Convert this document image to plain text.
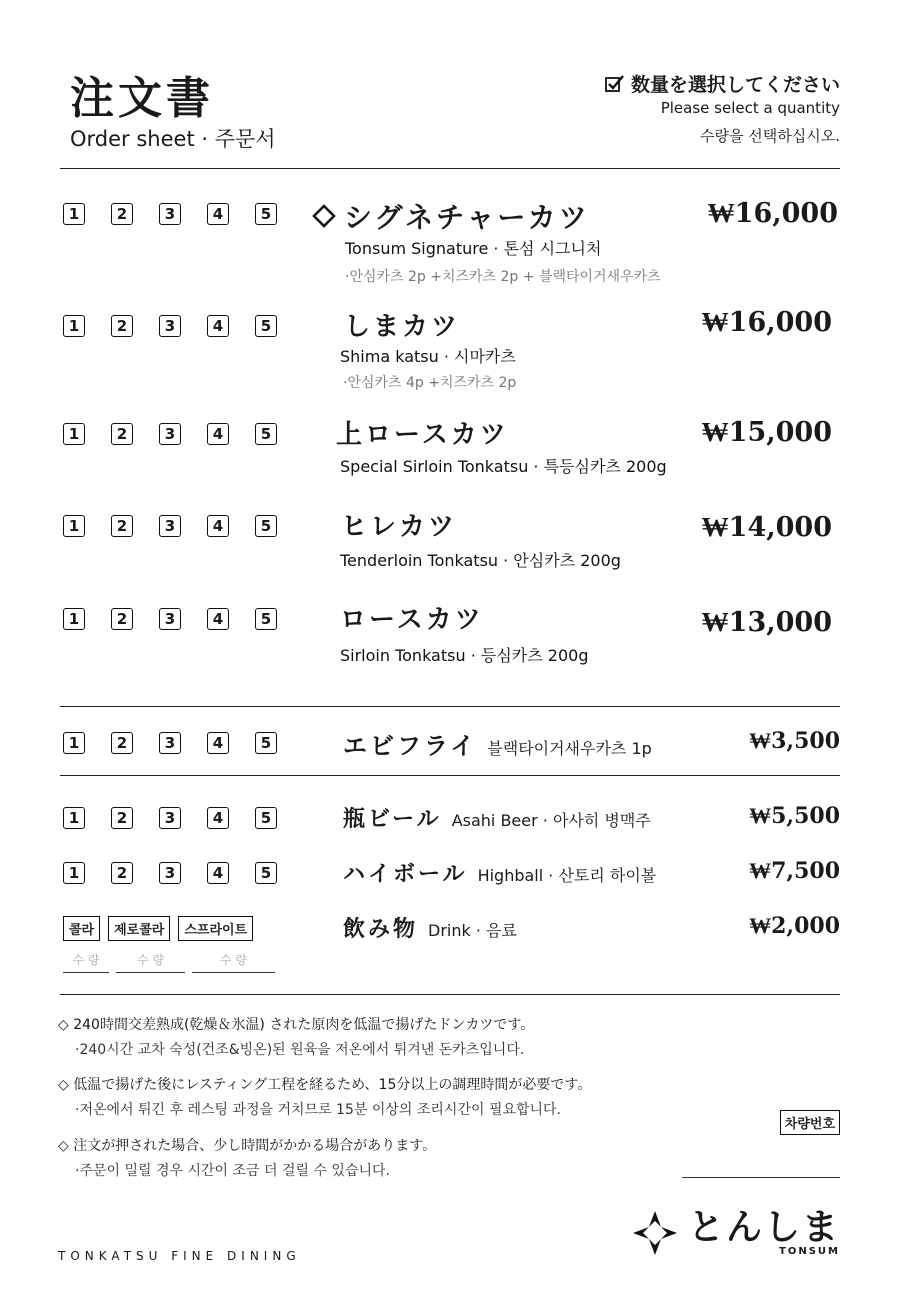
注文書
Order sheet · 주문서
数量を選択してください
Please select a quantity
수량을 선택하십시오.
1	2	3	4	5	シグネチャーカツ
Tonsum Signature · 톤섬 시그니처
·안심카츠 2p +치즈카츠 2p + 블랙타이거새우카츠
₩16,000
1	2	3	4	5	しまカツ
Shima katsu · 시마카츠
·안심카츠 4p +치즈카츠 2p
₩16,000
1	2	3	4	5 上ロースカツ
Special Sirloin Tonkatsu · 특등심카츠 200g
₩15,000
1	2	3	4	5	ヒレカツ
Tenderloin Tonkatsu · 안심카츠 200g
₩14,000
1	2	3	4	5	ロースカツ
Sirloin Tonkatsu · 등심카츠 200g
₩13,000
1	2	3	4	5	エビフライ 블랙타이거새우카츠 1p	₩3,500
1	2	3	4	5	瓶ビール Asahi Beer · 아사히 병맥주	₩5,500
1	2	3	4	5	ハイボール Highball · 산토리 하이볼	₩7,500
콜라	제로콜라	스프라이트
수 량	수 량	수 량
飲み物 Drink · 음료	₩2,000
◇ 240時間交差熟成(乾燥＆氷温) された原肉を低温で揚げたドンカツです。
·240시간 교차 숙성(건조&빙온)된 원육을 저온에서 튀겨낸 돈카츠입니다.
◇ 低温で揚げた後にレスティング工程を経るため、15分以上の調理時間が必要です。
·저온에서 튀긴 후 레스팅 과정을 거치므로 15분 이상의 조리시간이 필요합니다.
◇ 注文が押された場合、少し時間がかかる場合があります。
·주문이 밀릴 경우 시간이 조금 더 걸릴 수 있습니다.
차량번호
TONKATSU FINE DINING
とんしま
TONSUM
